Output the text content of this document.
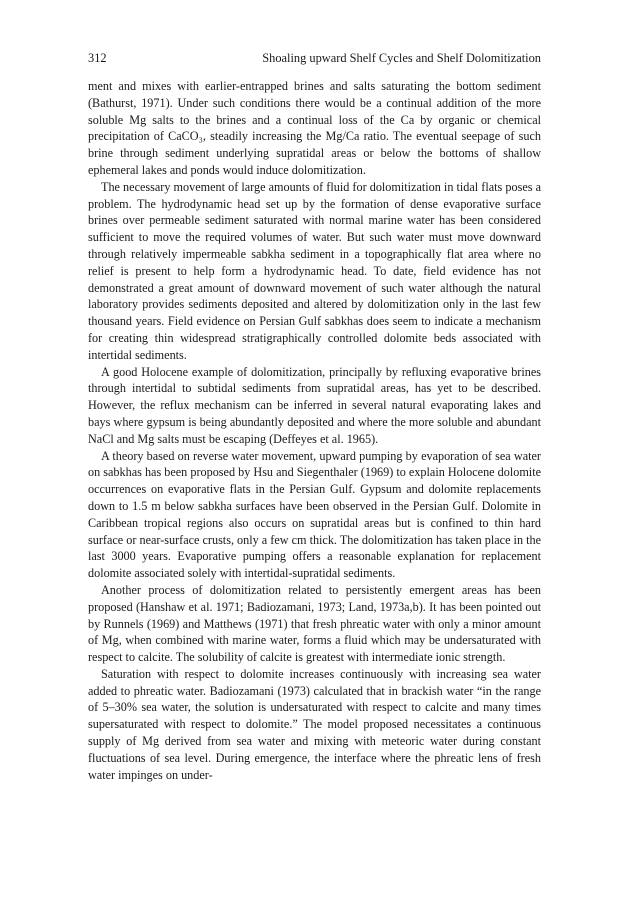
312	Shoaling upward Shelf Cycles and Shelf Dolomitization

ment and mixes with earlier-entrapped brines and salts saturating the bottom sediment (Bathurst, 1971). Under such conditions there would be a continual addition of the more soluble Mg salts to the brines and a continual loss of the Ca by organic or chemical precipitation of CaCO₃, steadily increasing the Mg/Ca ratio. The eventual seepage of such brine through sediment underlying supratidal areas or below the bottoms of shallow ephemeral lakes and ponds would induce dolomitization.

The necessary movement of large amounts of fluid for dolomitization in tidal flats poses a problem. The hydrodynamic head set up by the formation of dense evaporative surface brines over permeable sediment saturated with normal marine water has been considered sufficient to move the required volumes of water. But such water must move downward through relatively impermeable sabkha sediment in a topographically flat area where no relief is present to help form a hydrodynamic head. To date, field evidence has not demonstrated a great amount of downward movement of such water although the natural laboratory provides sediments deposited and altered by dolomitization only in the last few thousand years. Field evidence on Persian Gulf sabkhas does seem to indicate a mechanism for creating thin widespread stratigraphically controlled dolomite beds associated with intertidal sediments.

A good Holocene example of dolomitization, principally by refluxing evaporative brines through intertidal to subtidal sediments from supratidal areas, has yet to be described. However, the reflux mechanism can be inferred in several natural evaporating lakes and bays where gypsum is being abundantly deposited and where the more soluble and abundant NaCl and Mg salts must be escaping (Deffeyes et al. 1965).

A theory based on reverse water movement, upward pumping by evaporation of sea water on sabkhas has been proposed by Hsu and Siegenthaler (1969) to explain Holocene dolomite occurrences on evaporative flats in the Persian Gulf. Gypsum and dolomite replacements down to 1.5 m below sabkha surfaces have been observed in the Persian Gulf. Dolomite in Caribbean tropical regions also occurs on supratidal areas but is confined to thin hard surface or near-surface crusts, only a few cm thick. The dolomitization has taken place in the last 3000 years. Evaporative pumping offers a reasonable explanation for replacement dolomite associated solely with intertidal-supratidal sediments.

Another process of dolomitization related to persistently emergent areas has been proposed (Hanshaw et al. 1971; Badiozamani, 1973; Land, 1973a,b). It has been pointed out by Runnels (1969) and Matthews (1971) that fresh phreatic water with only a minor amount of Mg, when combined with marine water, forms a fluid which may be undersaturated with respect to calcite. The solubility of calcite is greatest with intermediate ionic strength.

Saturation with respect to dolomite increases continuously with increasing sea water added to phreatic water. Badiozamani (1973) calculated that in brackish water “in the range of 5–30% sea water, the solution is undersaturated with respect to calcite and many times supersaturated with respect to dolomite.” The model proposed necessitates a continuous supply of Mg derived from sea water and mixing with meteoric water during constant fluctuations of sea level. During emergence, the interface where the phreatic lens of fresh water impinges on under-
